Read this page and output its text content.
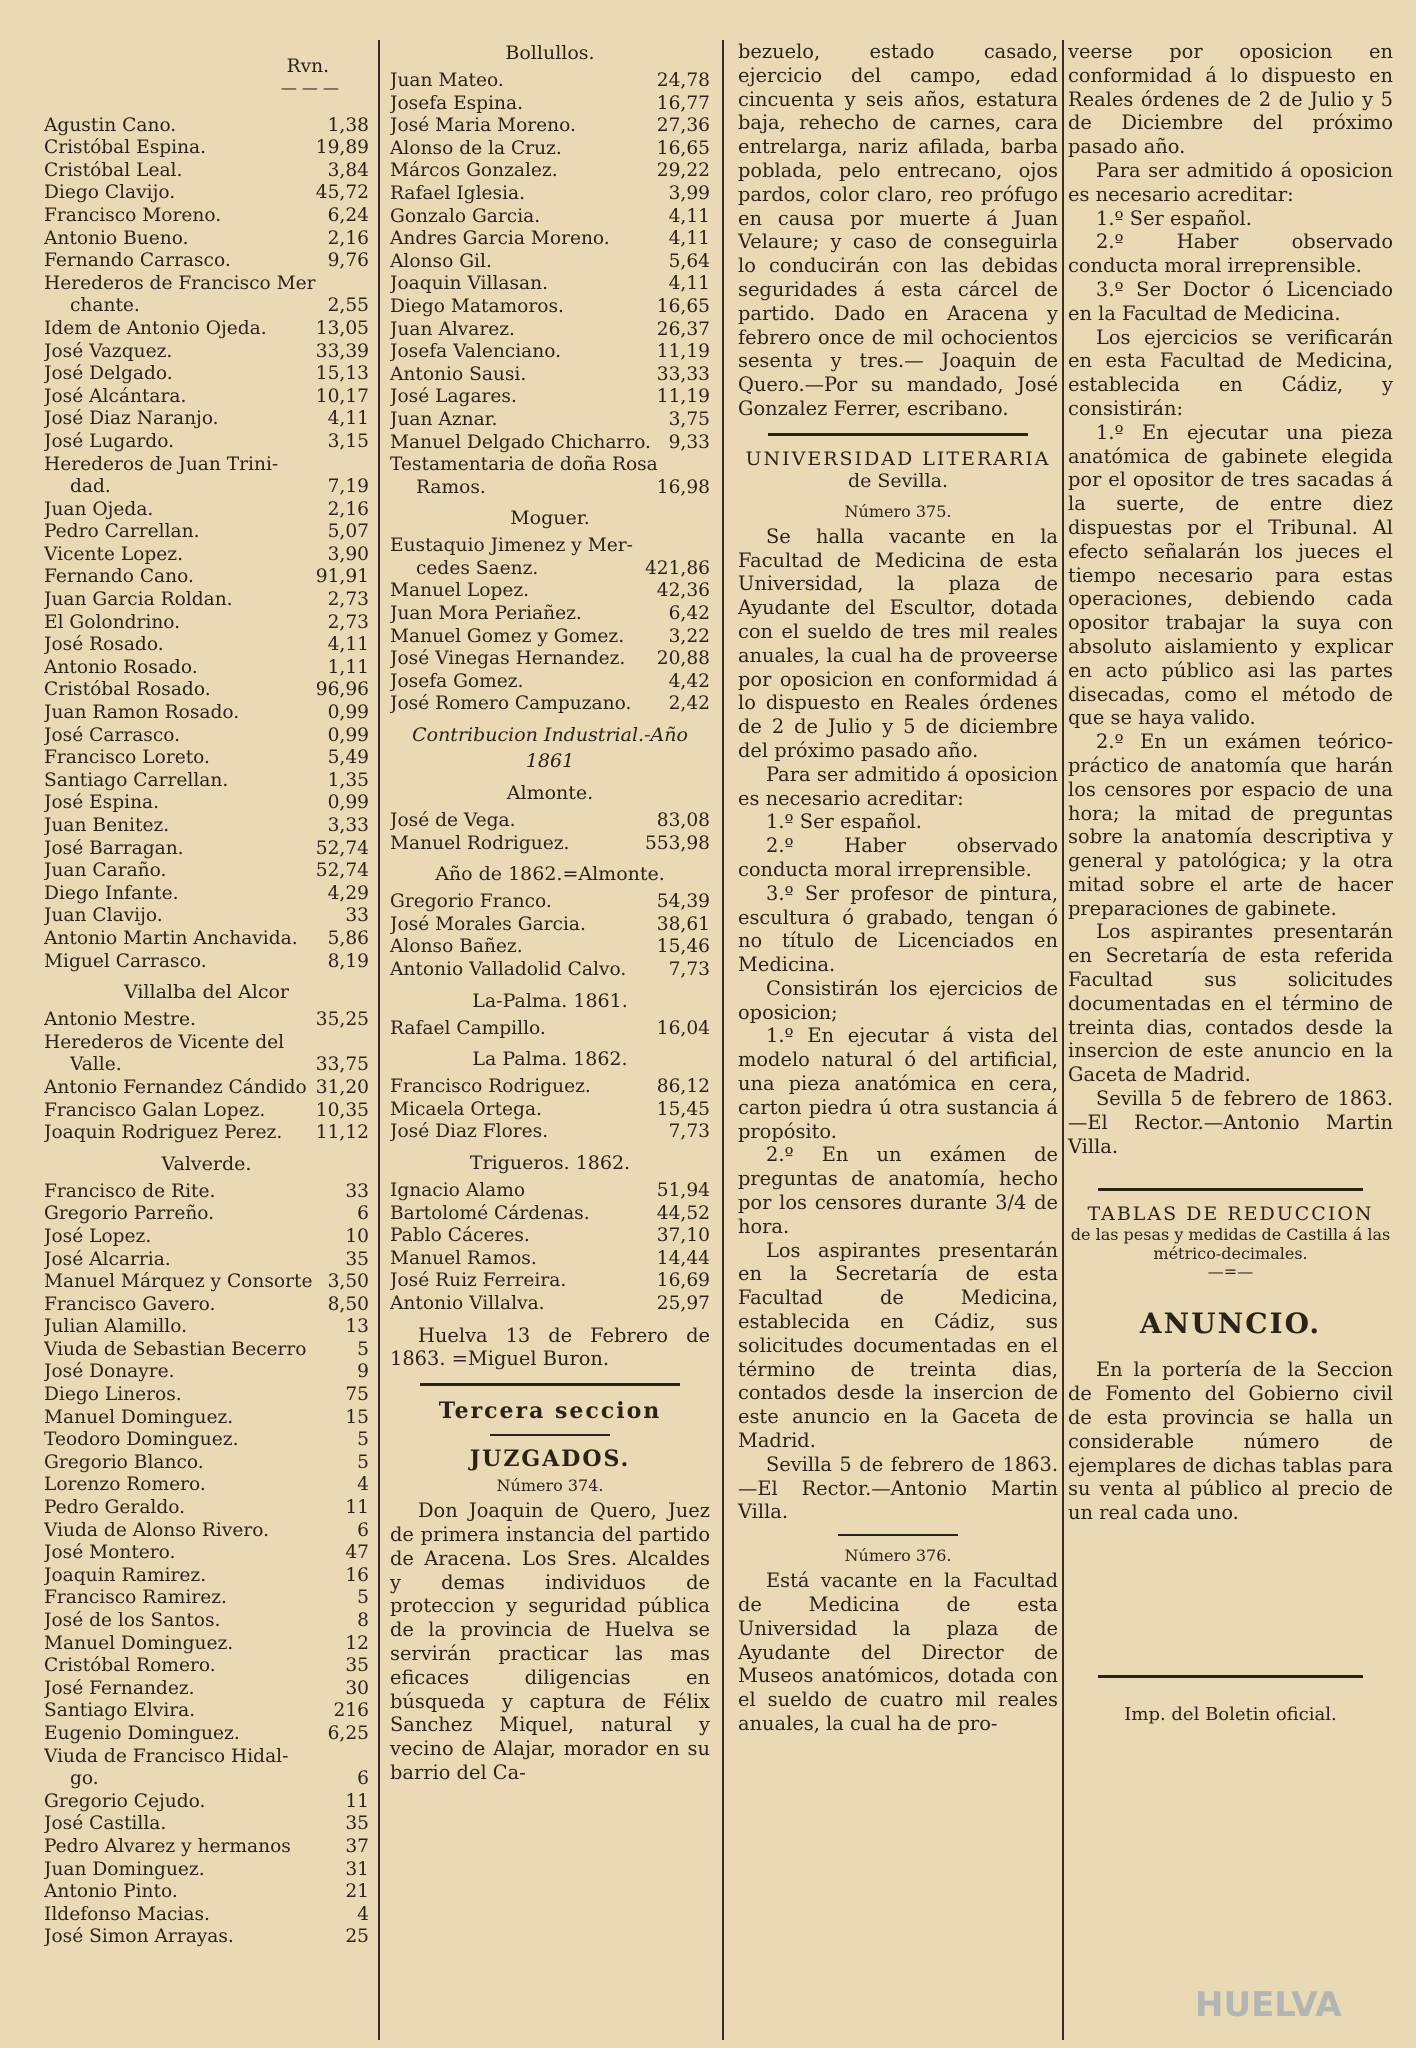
Rvn.
— — —
Agustin Cano.	1,38
Cristóbal Espina.	19,89
Cristóbal Leal.	3,84
Diego Clavijo.	45,72
Francisco Moreno.	6,24
Antonio Bueno.	2,16
Fernando Carrasco.	9,76
Herederos de Francisco Mer
chante.	2,55
Idem de Antonio Ojeda.	13,05
José Vazquez.	33,39
José Delgado.	15,13
José Alcántara.	10,17
José Diaz Naranjo.	4,11
José Lugardo.	3,15
Herederos de Juan Trini-
dad.	7,19
Juan Ojeda.	2,16
Pedro Carrellan.	5,07
Vicente Lopez.	3,90
Fernando Cano.	91,91
Juan Garcia Roldan.	2,73
El Golondrino.	2,73
José Rosado.	4,11
Antonio Rosado.	1,11
Cristóbal Rosado.	96,96
Juan Ramon Rosado.	0,99
José Carrasco.	0,99
Francisco Loreto.	5,49
Santiago Carrellan.	1,35
José Espina.	0,99
Juan Benitez.	3,33
José Barragan.	52,74
Juan Caraño.	52,74
Diego Infante.	4,29
Juan Clavijo.	33
Antonio Martin Anchavida.	5,86
Miguel Carrasco.	8,19
Villalba del Alcor
Antonio Mestre.	35,25
Herederos de Vicente del
Valle.	33,75
Antonio Fernandez Cándido 31,20
Francisco Galan Lopez.	10,35
Joaquin Rodriguez Perez.	11,12
Valverde.
Francisco de Rite.	33
Gregorio Parreño.	6
José Lopez.	10
José Alcarria.	35
Manuel Márquez y Consorte 3,50
Francisco Gavero.	8,50
Julian Alamillo.	13
Viuda de Sebastian Becerro	5
José Donayre.	9
Diego Lineros.	75
Manuel Dominguez.	15
Teodoro Dominguez.	5
Gregorio Blanco.	5
Lorenzo Romero.	4
Pedro Geraldo.	11
Viuda de Alonso Rivero.	6
José Montero.	47
Joaquin Ramirez.	16
Francisco Ramirez.	5
José de los Santos.	8
Manuel Dominguez.	12
Cristóbal Romero.	35
José Fernandez.	30
Santiago Elvira.	216
Eugenio Dominguez.	6,25
Viuda de Francisco Hidal-
go.	6
Gregorio Cejudo.	11
José Castilla.	35
Pedro Alvarez y hermanos	37
Juan Dominguez.	31
Antonio Pinto.	21
Ildefonso Macias.	4
José Simon Arrayas.	25
Bollullos.
Juan Mateo.	24,78
Josefa Espina.	16,77
José Maria Moreno.	27,36
Alonso de la Cruz.	16,65
Márcos Gonzalez.	29,22
Rafael Iglesia.	3,99
Gonzalo Garcia.	4,11
Andres Garcia Moreno.	4,11
Alonso Gil.	5,64
Joaquin Villasan.	4,11
Diego Matamoros.	16,65
Juan Alvarez.	26,37
Josefa Valenciano.	11,19
Antonio Sausi.	33,33
José Lagares.	11,19
Juan Aznar.	3,75
Manuel Delgado Chicharro. 9,33
Testamentaria de doña Rosa
Ramos.	16,98
Moguer.
Eustaquio Jimenez y Mer-
cedes Saenz.	421,86
Manuel Lopez.	42,36
Juan Mora Periañez.	6,42
Manuel Gomez y Gomez.	3,22
José Vinegas Hernandez.	20,88
Josefa Gomez.	4,42
José Romero Campuzano.	2,42
Contribucion Industrial.-Año 1861
Almonte.
José de Vega.	83,08
Manuel Rodriguez.	553,98
Año de 1862.=Almonte.
Gregorio Franco.	54,39
José Morales Garcia.	38,61
Alonso Bañez.	15,46
Antonio Valladolid Calvo.	7,73
La-Palma. 1861.
Rafael Campillo.	16,04
La Palma. 1862.
Francisco Rodriguez.	86,12
Micaela Ortega.	15,45
José Diaz Flores.	7,73
Trigueros. 1862.
Ignacio Alamo	51,94
Bartolomé Cárdenas.	44,52
Pablo Cáceres.	37,10
Manuel Ramos.	14,44
José Ruiz Ferreira.	16,69
Antonio Villalva.	25,97

Huelva 13 de Febrero de 1863. =Miguel Buron.

Tercera seccion
JUZGADOS.
Número 374.

Don Joaquin de Quero, Juez de primera instancia del partido de Aracena. Los Sres. Alcaldes y demas individuos de proteccion y seguridad pública de la provincia de Huelva se servirán practicar las mas eficaces diligencias en búsqueda y captura de Félix Sanchez Miquel, natural y vecino de Alajar, morador en su barrio del Ca-

bezuelo, estado casado, ejercicio del campo, edad cincuenta y seis años, estatura baja, rehecho de carnes, cara entrelarga, nariz afilada, barba poblada, pelo entrecano, ojos pardos, color claro, reo prófugo en causa por muerte á Juan Velaure; y caso de conseguirla lo conducirán con las debidas seguridades á esta cárcel de partido. Dado en Aracena y febrero once de mil ochocientos sesenta y tres.— Joaquin de Quero.—Por su mandado, José Gonzalez Ferrer, escribano.

UNIVERSIDAD LITERARIA
de Sevilla.
Número 375.

Se halla vacante en la Facultad de Medicina de esta Universidad, la plaza de Ayudante del Escultor, dotada con el sueldo de tres mil reales anuales, la cual ha de proveerse por oposicion en conformidad á lo dispuesto en Reales órdenes de 2 de Julio y 5 de diciembre del próximo pasado año.

Para ser admitido á oposicion es necesario acreditar:

1.º Ser español.

2.º Haber observado conducta moral irreprensible.

3.º Ser profesor de pintura, escultura ó grabado, tengan ó no título de Licenciados en Medicina.

Consistirán los ejercicios de oposicion;

1.º En ejecutar á vista del modelo natural ó del artificial, una pieza anatómica en cera, carton piedra ú otra sustancia á propósito.

2.º En un exámen de preguntas de anatomía, hecho por los censores durante 3/4 de hora.

Los aspirantes presentarán en la Secretaría de esta Facultad de Medicina, establecida en Cádiz, sus solicitudes documentadas en el término de treinta dias, contados desde la insercion de este anuncio en la Gaceta de Madrid.

Sevilla 5 de febrero de 1863.—El Rector.—Antonio Martin Villa.

Número 376.

Está vacante en la Facultad de Medicina de esta Universidad la plaza de Ayudante del Director de Museos anatómicos, dotada con el sueldo de cuatro mil reales anuales, la cual ha de pro-

veerse por oposicion en conformidad á lo dispuesto en Reales órdenes de 2 de Julio y 5 de Diciembre del próximo pasado año.

Para ser admitido á oposicion es necesario acreditar:

1.º Ser español.

2.º Haber observado conducta moral irreprensible.

3.º Ser Doctor ó Licenciado en la Facultad de Medicina.

Los ejercicios se verificarán en esta Facultad de Medicina, establecida en Cádiz, y consistirán:

1.º En ejecutar una pieza anatómica de gabinete elegida por el opositor de tres sacadas á la suerte, de entre diez dispuestas por el Tribunal. Al efecto señalarán los jueces el tiempo necesario para estas operaciones, debiendo cada opositor trabajar la suya con absoluto aislamiento y explicar en acto público asi las partes disecadas, como el método de que se haya valido.

2.º En un exámen teórico-práctico de anatomía que harán los censores por espacio de una hora; la mitad de preguntas sobre la anatomía descriptiva y general y patológica; y la otra mitad sobre el arte de hacer preparaciones de gabinete.

Los aspirantes presentarán en Secretaría de esta referida Facultad sus solicitudes documentadas en el término de treinta dias, contados desde la insercion de este anuncio en la Gaceta de Madrid.

Sevilla 5 de febrero de 1863.—El Rector.—Antonio Martin Villa.

TABLAS DE REDUCCION
de las pesas y medidas de Castilla á las métrico-decimales.
—=—
ANUNCIO.

En la portería de la Seccion de Fomento del Gobierno civil de esta provincia se halla un considerable número de ejemplares de dichas tablas para su venta al público al precio de un real cada uno.

Imp. del Boletin oficial.
HUELVA
